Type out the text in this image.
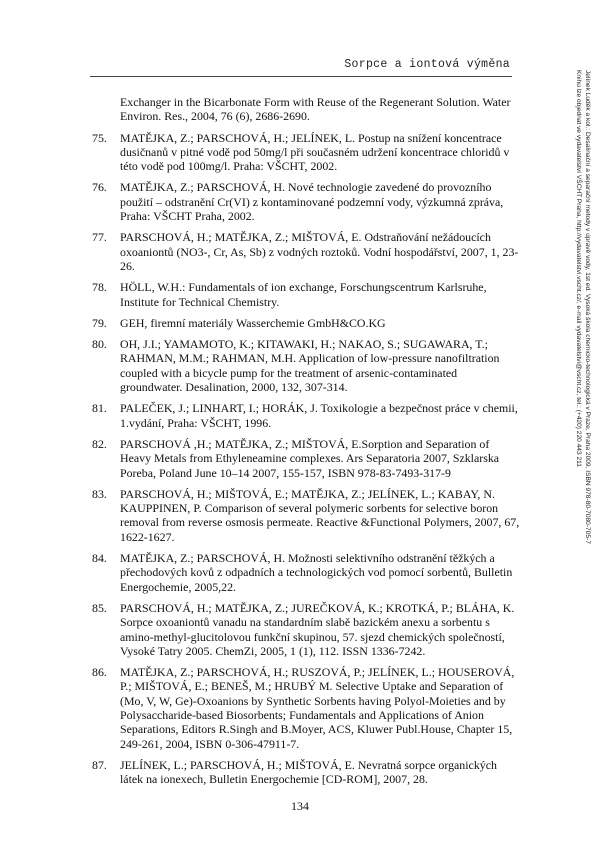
Sorpce a iontová výměna
Jelínek Luděk a kol.: Desalinační a separační metody v úpravě vody, 1st ed. Vysoká škola chemicko-technologická v Praze, Praha 2009, ISBN 978-80-7080-705-7
Knihu lze objednat ve vydavatelství VŠCHT Praha, http://vydavatelstvi.vscht.cz/, e-mail vydavatelstvi@vscht.cz, tel.: (+420) 220 443 211
Exchanger in the Bicarbonate Form with Reuse of the Regenerant Solution. Water Environ. Res., 2004, 76 (6), 2686-2690.
75. MATĚJKA, Z.; PARSCHOVÁ, H.; JELÍNEK, L. Postup na snížení koncentrace dusičnanů v pitné vodě pod 50mg/l při současném udržení koncentrace chloridů v této vodě pod 100mg/l. Praha: VŠCHT, 2002.
76. MATĚJKA, Z.; PARSCHOVÁ, H. Nové technologie zavedené do provozního použití – odstranění Cr(VI) z kontaminované podzemní vody, výzkumná zpráva, Praha: VŠCHT Praha, 2002.
77. PARSCHOVÁ, H.; MATĚJKA, Z.; MIŠTOVÁ, E. Odstraňování nežádoucích oxoaniontů (NO3-, Cr, As, Sb) z vodných roztoků. Vodní hospodářství, 2007, 1, 23-26.
78. HÖLL, W.H.: Fundamentals of ion exchange, Forschungscentrum Karlsruhe, Institute for Technical Chemistry.
79. GEH, firemní materiály Wasserchemie GmbH&CO.KG
80. OH, J.I.; YAMAMOTO, K.; KITAWAKI, H.; NAKAO, S.; SUGAWARA, T.; RAHMAN, M.M.; RAHMAN, M.H. Application of low-pressure nanofiltration coupled with a bicycle pump for the treatment of arsenic-contaminated groundwater. Desalination, 2000, 132, 307-314.
81. PALEČEK, J.; LINHART, I.; HORÁK, J. Toxikologie a bezpečnost práce v chemii, 1.vydání, Praha: VŠCHT, 1996.
82. PARSCHOVÁ ,H.; MATĚJKA, Z.; MIŠTOVÁ, E.Sorption and Separation of Heavy Metals from Ethyleneamine complexes. Ars Separatoria 2007, Szklarska Poreba, Poland June 10–14 2007, 155-157, ISBN 978-83-7493-317-9
83. PARSCHOVÁ, H.; MIŠTOVÁ, E.; MATĚJKA, Z.; JELÍNEK, L.; KABAY, N. KAUPPINEN, P. Comparison of several polymeric sorbents for selective boron removal from reverse osmosis permeate. Reactive &Functional Polymers, 2007, 67, 1622-1627.
84. MATĚJKA, Z.; PARSCHOVÁ, H. Možnosti selektivního odstranění těžkých a přechodových kovů z odpadních a technologických vod pomocí sorbentů, Bulletin Energochemie, 2005,22.
85. PARSCHOVÁ, H.; MATĚJKA, Z.; JUREČKOVÁ, K.; KROTKÁ, P.; BLÁHA, K. Sorpce oxoaniontů vanadu na standardním slabě bazickém anexu a sorbentu s amino-methyl-glucitolovou funkční skupinou, 57. sjezd chemických společností, Vysoké Tatry 2005. ChemZi, 2005, 1 (1), 112. ISSN 1336-7242.
86. MATĚJKA, Z.; PARSCHOVÁ, H.; RUSZOVÁ, P.; JELÍNEK, L.; HOUSEROVÁ, P.; MIŠTOVÁ, E.; BENEŠ, M.; HRUBÝ M. Selective Uptake and Separation of (Mo, V, W, Ge)-Oxoanions by Synthetic Sorbents having Polyol-Moieties and by Polysaccharide-based Biosorbents; Fundamentals and Applications of Anion Separations, Editors R.Singh and B.Moyer, ACS, Kluwer Publ.House, Chapter 15, 249-261, 2004, ISBN 0-306-47911-7.
87. JELÍNEK, L.; PARSCHOVÁ, H.; MIŠTOVÁ, E. Nevratná sorpce organických látek na ionexech, Bulletin Energochemie [CD-ROM], 2007, 28.
134
